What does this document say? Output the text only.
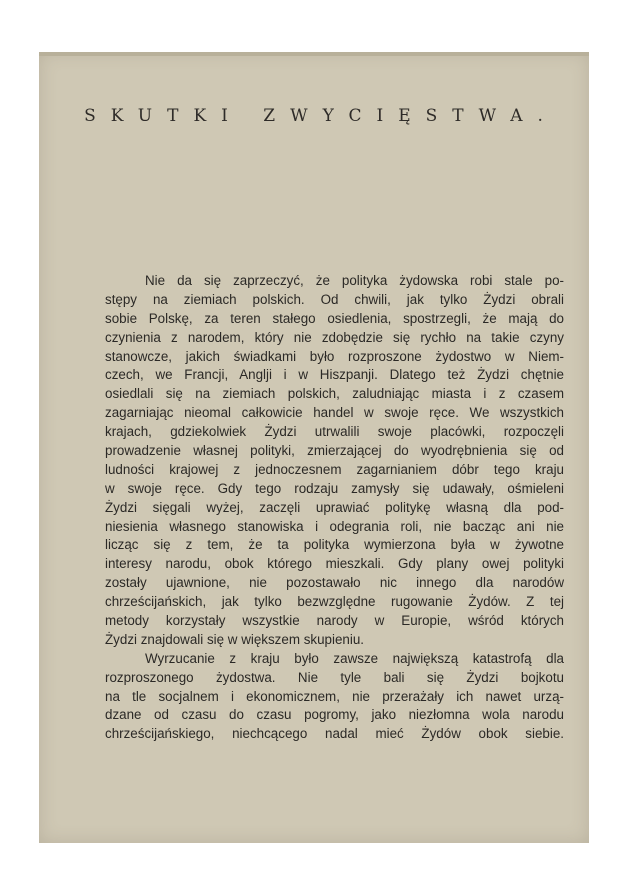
SKUTKI ZWYCIĘSTWA.
Nie da się zaprzeczyć, że polityka żydowska robi stale po-
stępy na ziemiach polskich. Od chwili, jak tylko Żydzi obrali
sobie Polskę, za teren stałego osiedlenia, spostrzegli, że mają do
czynienia z narodem, który nie zdobędzie się rychło na takie czyny
stanowcze, jakich świadkami było rozproszone żydostwo w Niem-
czech, we Francji, Anglji i w Hiszpanji. Dlatego też Żydzi chętnie
osiedlali się na ziemiach polskich, zaludniając miasta i z czasem
zagarniając nieomal całkowicie handel w swoje ręce. We wszystkich
krajach, gdziekolwiek Żydzi utrwalili swoje placówki, rozpoczęli
prowadzenie własnej polityki, zmierzającej do wyodrębnienia się od
ludności krajowej z jednoczesnem zagarnianiem dóbr tego kraju
w swoje ręce. Gdy tego rodzaju zamysły się udawały, ośmieleni
Żydzi sięgali wyżej, zaczęli uprawiać politykę własną dla pod-
niesienia własnego stanowiska i odegrania roli, nie bacząc ani nie
licząc się z tem, że ta polityka wymierzona była w żywotne
interesy narodu, obok którego mieszkali. Gdy plany owej polityki
zostały ujawnione, nie pozostawało nic innego dla narodów
chrześcijańskich, jak tylko bezwzględne rugowanie Żydów. Z tej
metody korzystały wszystkie narody w Europie, wśród których
Żydzi znajdowali się w większem skupieniu.
Wyrzucanie z kraju było zawsze największą katastrofą dla
rozproszonego żydostwa. Nie tyle bali się Żydzi bojkotu
na tle socjalnem i ekonomicznem, nie przerażały ich nawet urzą-
dzane od czasu do czasu pogromy, jako niezłomna wola narodu
chrześcijańskiego, niechcącego nadal mieć Żydów obok siebie.
